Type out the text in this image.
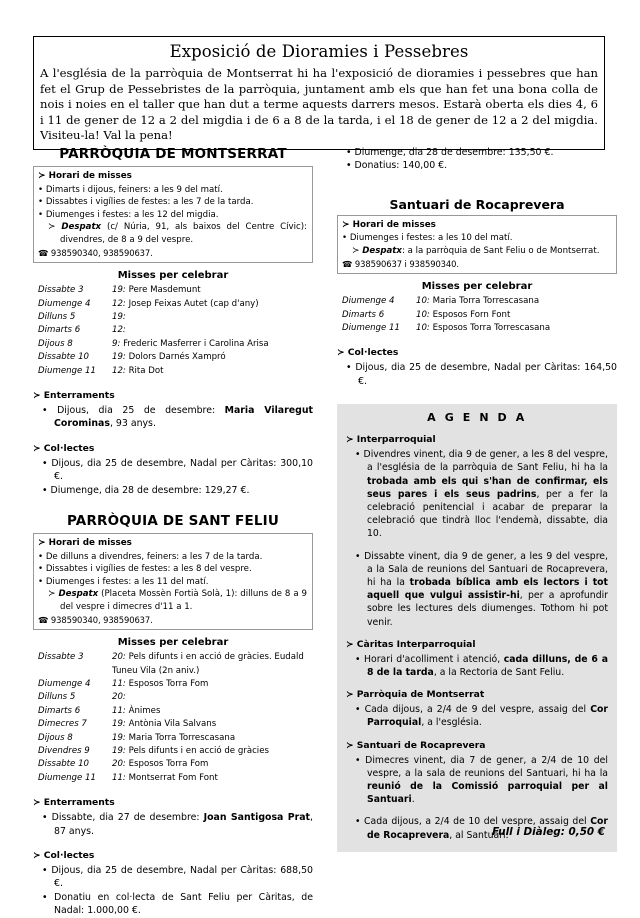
Exposició de Dioramies i Pessebres
A l'església de la parròquia de Montserrat hi ha l'exposició de dioramies i pessebres que han fet el Grup de Pessebristes de la parròquia, juntament amb els que han fet una bona colla de nois i noies en el taller que han dut a terme aquests darrers mesos. Estarà oberta els dies 4, 6 i 11 de gener de 12 a 2 del migdia i de 6 a 8 de la tarda, i el 18 de gener de 12 a 2 del migdia. Visiteu-la! Val la pena!
PARRÒQUIA DE MONTSERRAT
≻ Horari de misses
• Dimarts i dijous, feiners: a les 9 del matí.
• Dissabtes i vigílies de festes: a les 7 de la tarda.
• Diumenges i festes: a les 12 del migdia.
≻ Despatx (c/ Núria, 91, als baixos del Centre Cívic): divendres, de 8 a 9 del vespre.
☎ 938590340, 938590637.
Misses per celebrar
Dissabte 3	19: Pere Masdemunt
Diumenge 4	12: Josep Feixas Autet (cap d'any)
Dilluns 5	19:
Dimarts 6	12:
Dijous 8	9: Frederic Masferrer i Carolina Arisa
Dissabte 10	19: Dolors Darnés Xampró
Diumenge 11	12: Rita Dot
≻ Enterraments
• Dijous, dia 25 de desembre: Maria Vilaregut Corominas, 93 anys.
≻ Col·lectes
• Dijous, dia 25 de desembre, Nadal per Càritas: 300,10 €.
• Diumenge, dia 28 de desembre: 129,27 €.
PARRÒQUIA DE SANT FELIU
≻ Horari de misses
• De dilluns a divendres, feiners: a les 7 de la tarda.
• Dissabtes i vigílies de festes: a les 8 del vespre.
• Diumenges i festes: a les 11 del matí.
≻ Despatx (Placeta Mossèn Fortià Solà, 1): dilluns de 8 a 9 del vespre i dimecres d'11 a 1.
☎ 938590340, 938590637.
Misses per celebrar
Dissabte 3	20: Pels difunts i en acció de gràcies. Eudald Tuneu Vila (2n aniv.)
Diumenge 4	11: Esposos Torra Fom
Dilluns 5	20:
Dimarts 6	11: Ànimes
Dimecres 7	19: Antònia Vila Salvans
Dijous 8	19: Maria Torra Torrescasana
Divendres 9	19: Pels difunts i en acció de gràcies
Dissabte 10	20: Esposos Torra Fom
Diumenge 11	11: Montserrat Fom Font
≻ Enterraments
• Dissabte, dia 27 de desembre: Joan Santigosa Prat, 87 anys.
≻ Col·lectes
• Dijous, dia 25 de desembre, Nadal per Càritas: 688,50 €.
• Donatiu en col·lecta de Sant Feliu per Càritas, de Nadal: 1.000,00 €.
• Diumenge, dia 28 de desembre: 135,50 €.
• Donatius: 140,00 €.
Santuari de Rocaprevera
≻ Horari de misses
• Diumenges i festes: a les 10 del matí.
≻ Despatx: a la parròquia de Sant Feliu o de Montserrat.
☎ 938590637 i 938590340.
Misses per celebrar
Diumenge 4	10: Maria Torra Torrescasana
Dimarts 6	10: Esposos Forn Font
Diumenge 11	10: Esposos Torra Torrescasana
≻ Col·lectes
• Dijous, dia 25 de desembre, Nadal per Càritas: 164,50 €.
A G E N D A
≻ Interparroquial
• Divendres vinent, dia 9 de gener, a les 8 del vespre, a l'església de la parròquia de Sant Feliu, hi ha la trobada amb els qui s'han de confirmar, els seus pares i els seus padrins, per a fer la celebració penitencial i acabar de preparar la celebració que tindrà lloc l'endemà, dissabte, dia 10.
• Dissabte vinent, dia 9 de gener, a les 9 del vespre, a la Sala de reunions del Santuari de Rocaprevera, hi ha la trobada bíblica amb els lectors i tot aquell que vulgui assistir-hi, per a aprofundir sobre les lectures dels diumenges. Tothom hi pot venir.
≻ Càritas Interparroquial
• Horari d'acolliment i atenció, cada dilluns, de 6 a 8 de la tarda, a la Rectoria de Sant Feliu.
≻ Parròquia de Montserrat
• Cada dijous, a 2/4 de 9 del vespre, assaig del Cor Parroquial, a l'església.
≻ Santuari de Rocaprevera
• Dimecres vinent, dia 7 de gener, a 2/4 de 10 del vespre, a la sala de reunions del Santuari, hi ha la reunió de la Comissió parroquial per al Santuari.
• Cada dijous, a 2/4 de 10 del vespre, assaig del Cor de Rocaprevera, al Santuari.
Full i Diàleg: 0,50 €
